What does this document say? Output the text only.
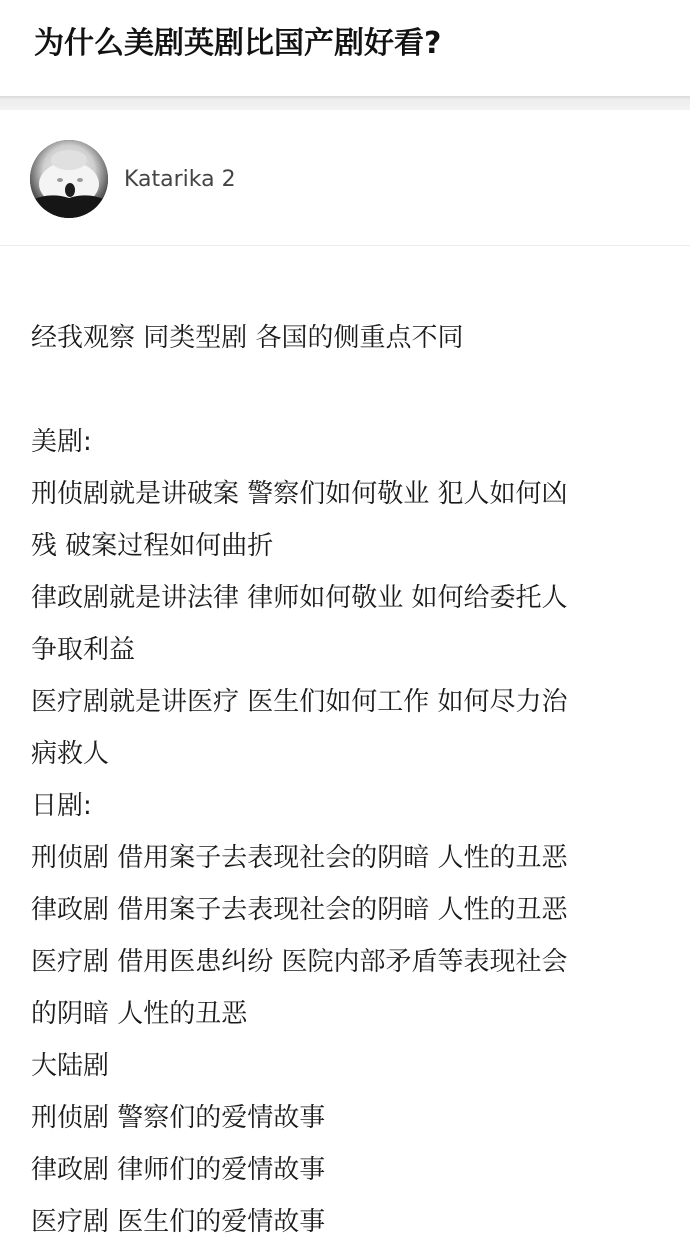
为什么美剧英剧比国产剧好看?
Katarika 2

经我观察 同类型剧 各国的侧重点不同

美剧:

刑侦剧就是讲破案 警察们如何敬业 犯人如何凶

残 破案过程如何曲折

律政剧就是讲法律 律师如何敬业 如何给委托人

争取利益

医疗剧就是讲医疗 医生们如何工作 如何尽力治

病救人

日剧:

刑侦剧 借用案子去表现社会的阴暗 人性的丑恶

律政剧 借用案子去表现社会的阴暗 人性的丑恶

医疗剧 借用医患纠纷 医院内部矛盾等表现社会

的阴暗 人性的丑恶

大陆剧

刑侦剧 警察们的爱情故事

律政剧 律师们的爱情故事

医疗剧 医生们的爱情故事
